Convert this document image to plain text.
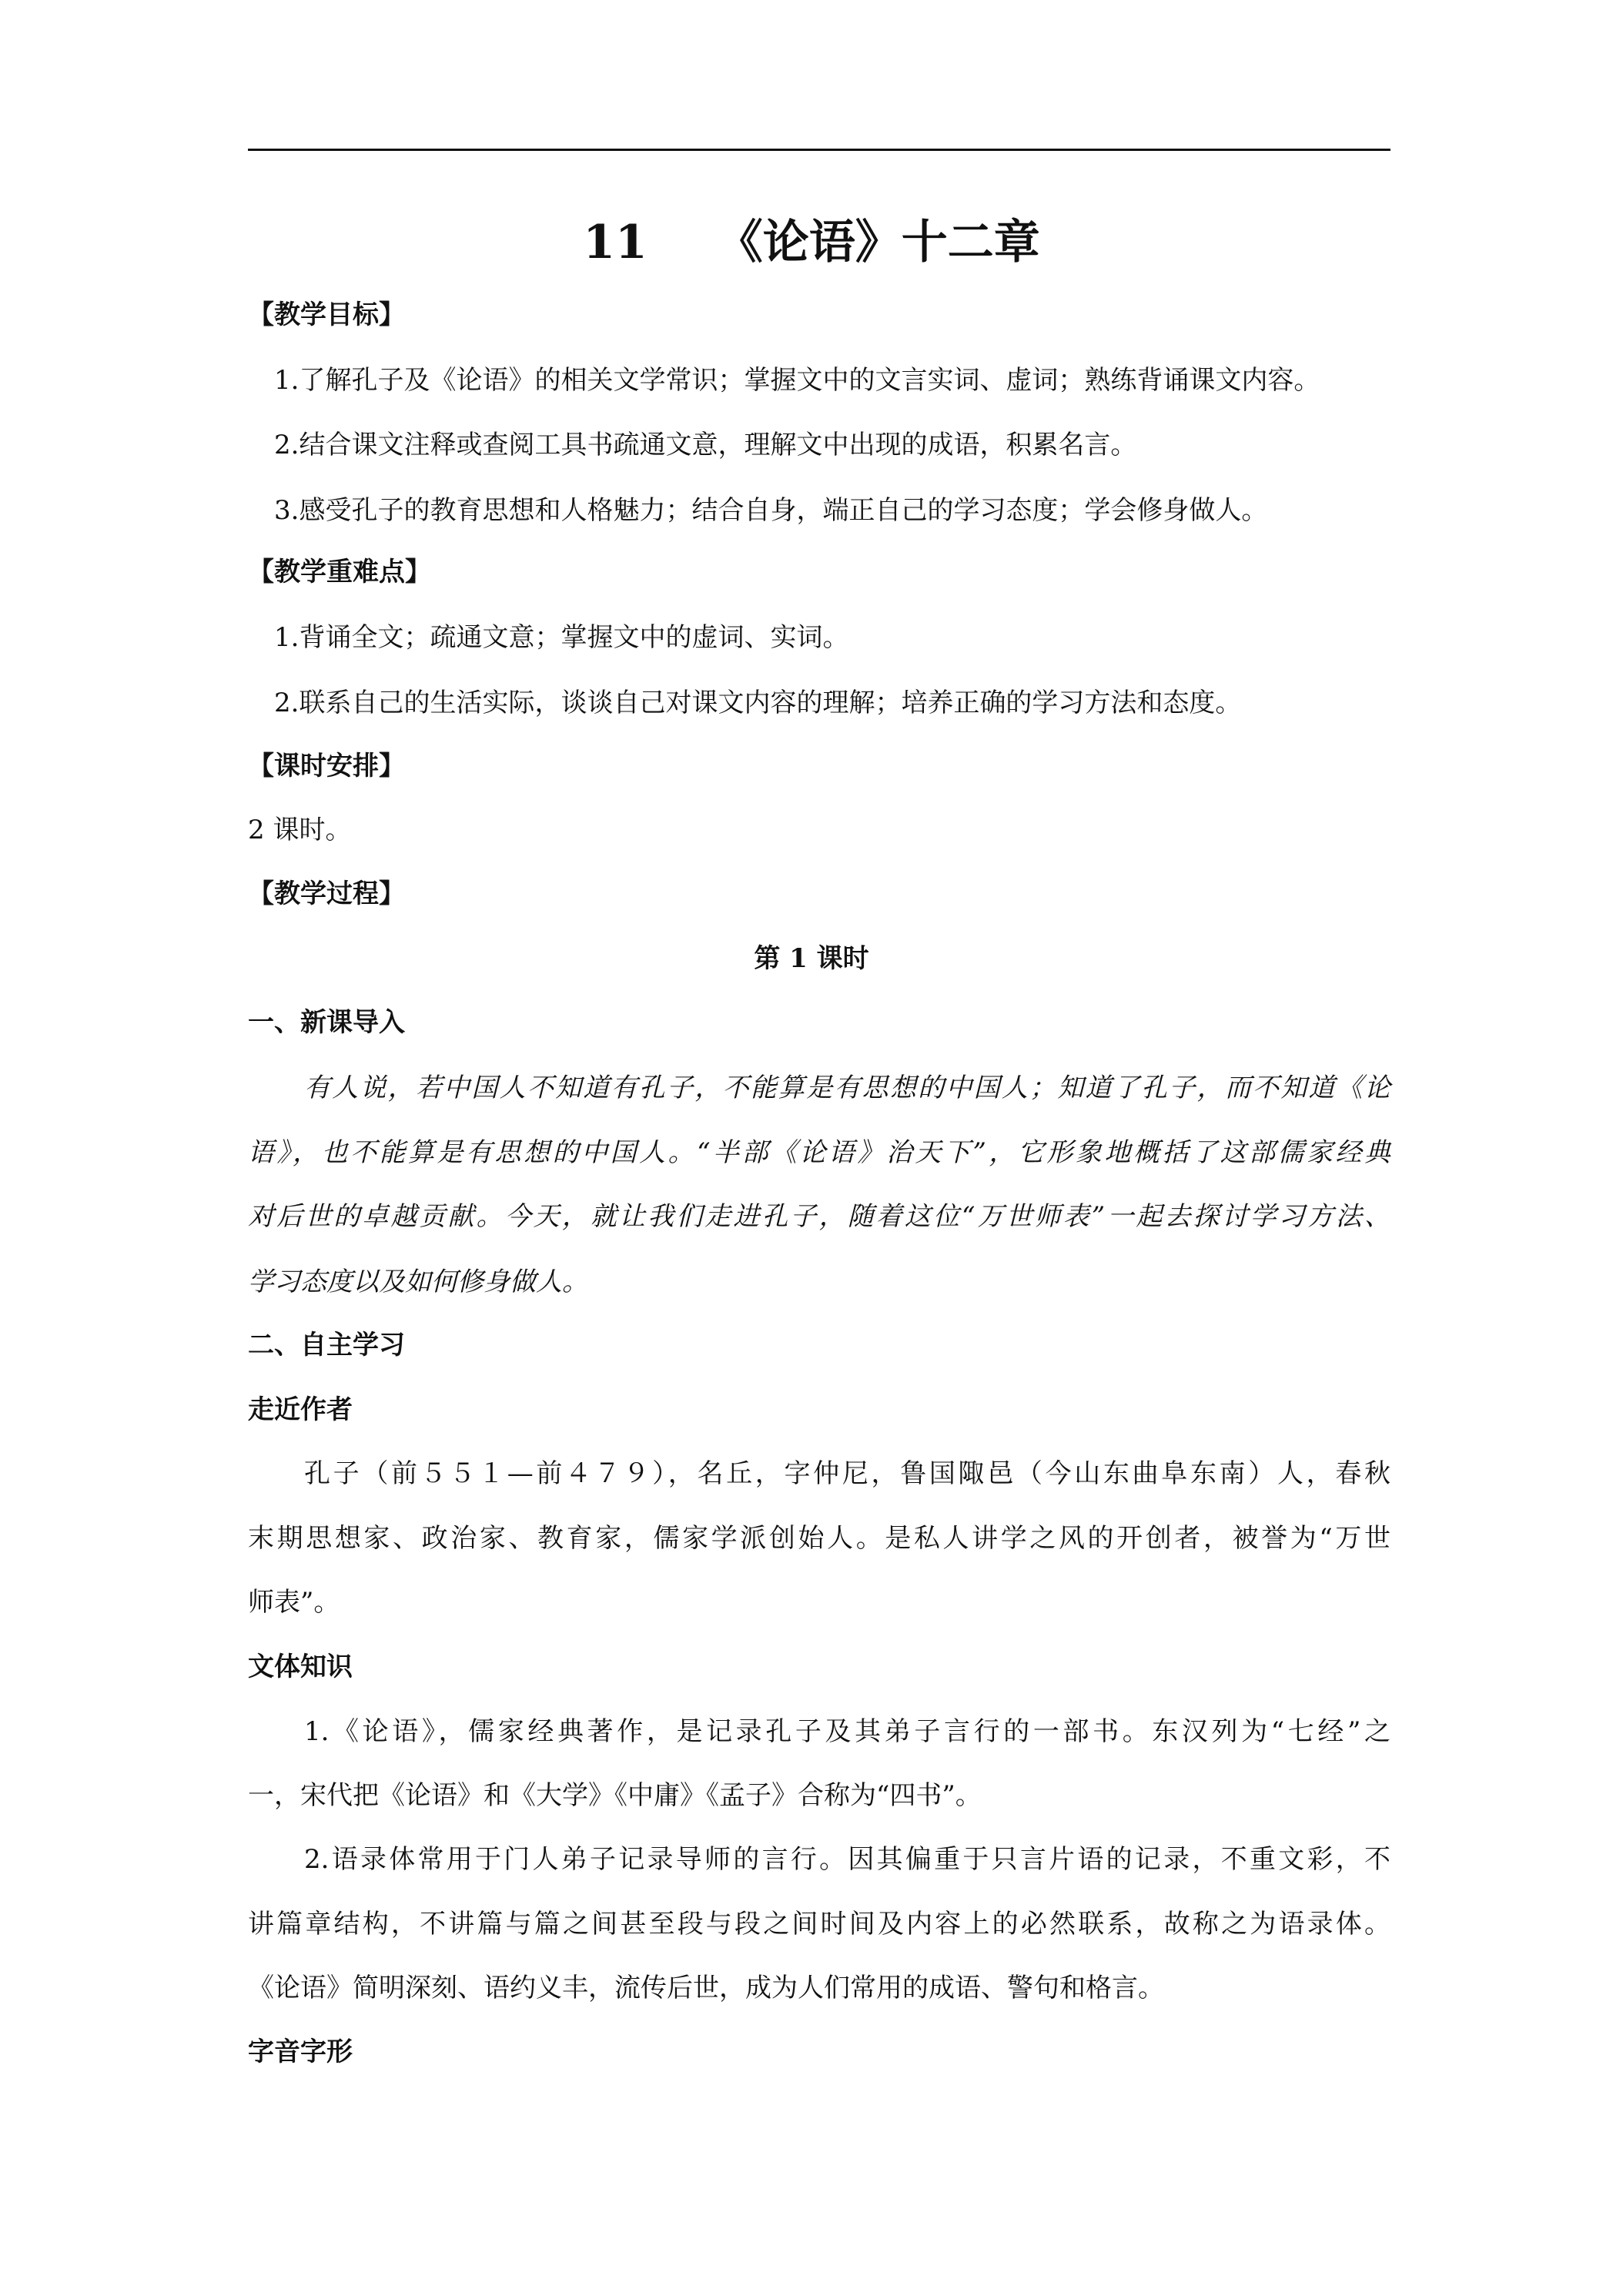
11　　《论语》十二章
【教学目标】
1.了解孔子及《论语》的相关文学常识；掌握文中的文言实词、虚词；熟练背诵课文内容。
2.结合课文注释或查阅工具书疏通文意，理解文中出现的成语，积累名言。
3.感受孔子的教育思想和人格魅力；结合自身，端正自己的学习态度；学会修身做人。
【教学重难点】
1.背诵全文；疏通文意；掌握文中的虚词、实词。
2.联系自己的生活实际，谈谈自己对课文内容的理解；培养正确的学习方法和态度。
【课时安排】
2 课时。
【教学过程】
第 1 课时
一、新课导入
有人说，若中国人不知道有孔子，不能算是有思想的中国人；知道了孔子，而不知道《论
语》，也不能算是有思想的中国人。“半部《论语》治天下”，它形象地概括了这部儒家经典
对后世的卓越贡献。今天，就让我们走进孔子，随着这位“万世师表”一起去探讨学习方法、
学习态度以及如何修身做人。
二、自主学习
走近作者
孔子（前５５１—前４７９），名丘，字仲尼，鲁国陬邑（今山东曲阜东南）人，春秋
末期思想家、政治家、教育家，儒家学派创始人。是私人讲学之风的开创者，被誉为“万世
师表”。
文体知识
1.《论语》，儒家经典著作，是记录孔子及其弟子言行的一部书。东汉列为“七经”之
一，宋代把《论语》和《大学》《中庸》《孟子》合称为“四书”。
2.语录体常用于门人弟子记录导师的言行。因其偏重于只言片语的记录，不重文彩，不
讲篇章结构，不讲篇与篇之间甚至段与段之间时间及内容上的必然联系，故称之为语录体。
《论语》简明深刻、语约义丰，流传后世，成为人们常用的成语、警句和格言。
字音字形
